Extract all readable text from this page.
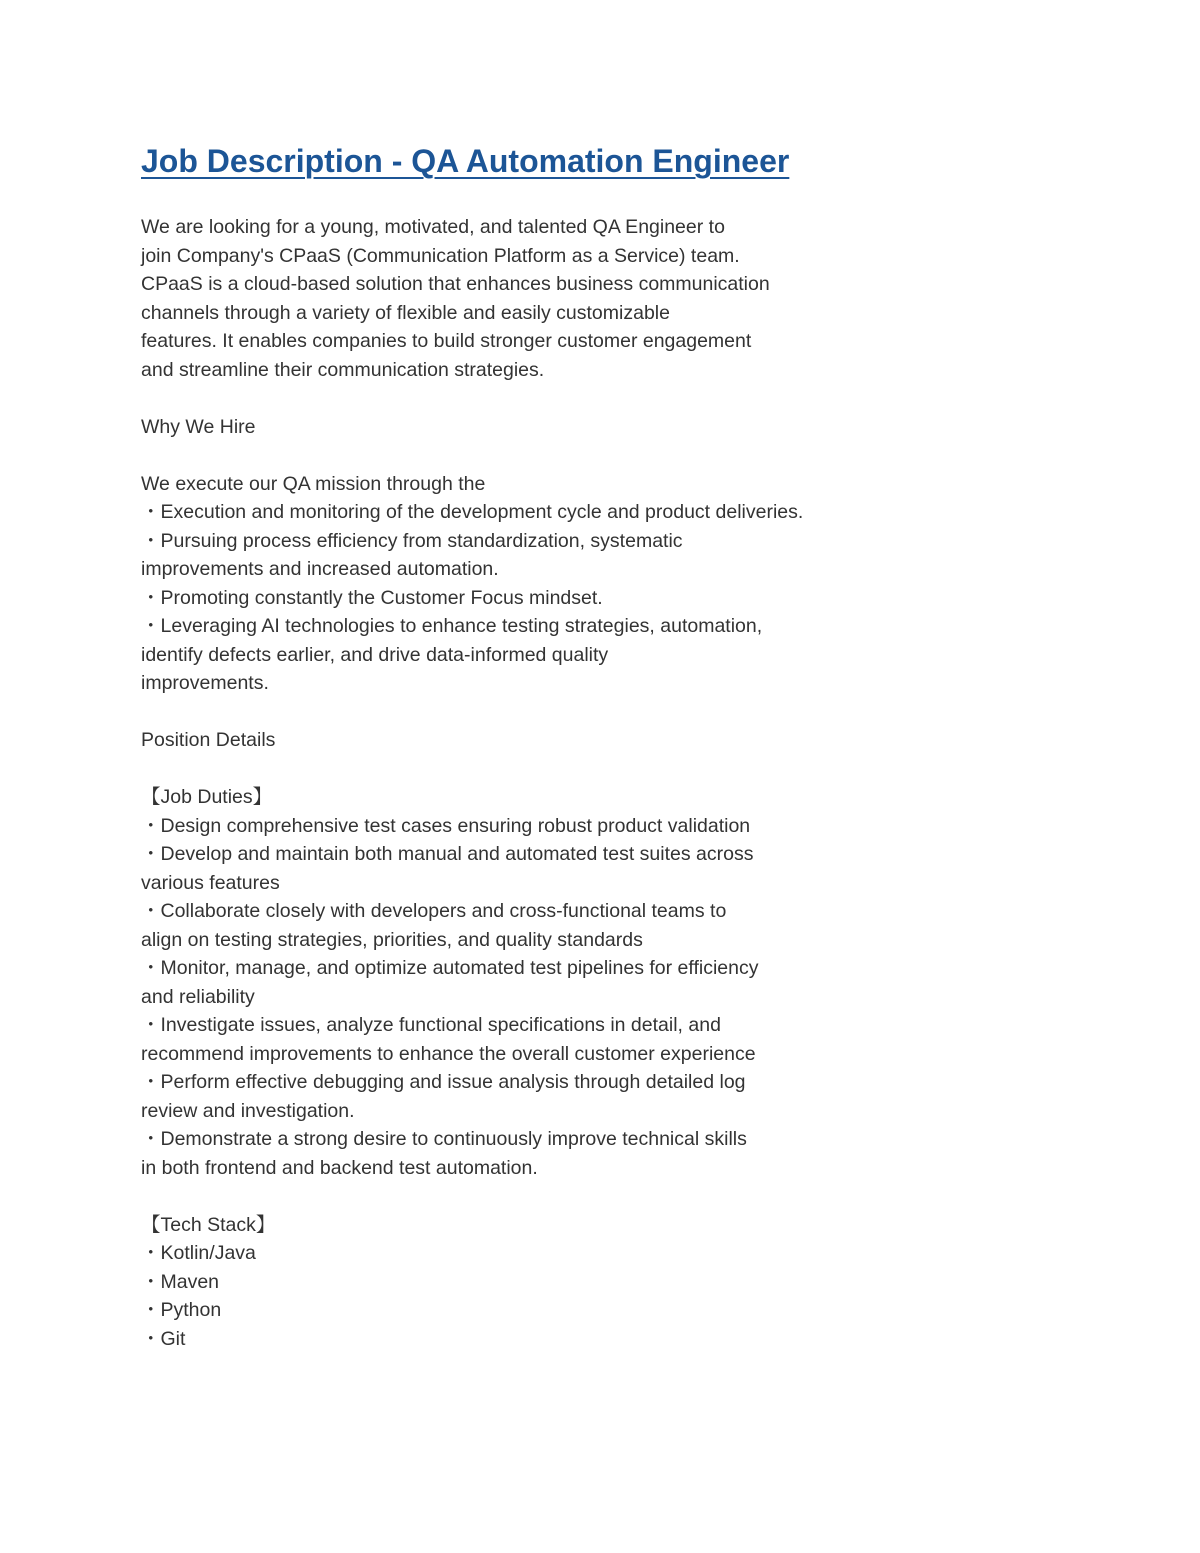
Job Description - QA Automation Engineer
We are looking for a young, motivated, and talented QA Engineer to
join Company's CPaaS (Communication Platform as a Service) team.
CPaaS is a cloud-based solution that enhances business communication
channels through a variety of flexible and easily customizable
features. It enables companies to build stronger customer engagement
and streamline their communication strategies.
Why We Hire
We execute our QA mission through the
・Execution and monitoring of the development cycle and product deliveries.
・Pursuing process efficiency from standardization, systematic
improvements and increased automation.
・Promoting constantly the Customer Focus mindset.
・Leveraging AI technologies to enhance testing strategies, automation,
identify defects earlier, and drive data-informed quality
improvements.
Position Details
【Job Duties】
・Design comprehensive test cases ensuring robust product validation
・Develop and maintain both manual and automated test suites across
various features
・Collaborate closely with developers and cross-functional teams to
align on testing strategies, priorities, and quality standards
・Monitor, manage, and optimize automated test pipelines for efficiency
and reliability
・Investigate issues, analyze functional specifications in detail, and
recommend improvements to enhance the overall customer experience
・Perform effective debugging and issue analysis through detailed log
review and investigation.
・Demonstrate a strong desire to continuously improve technical skills
in both frontend and backend test automation.
【Tech Stack】
・Kotlin/Java
・Maven
・Python
・Git
